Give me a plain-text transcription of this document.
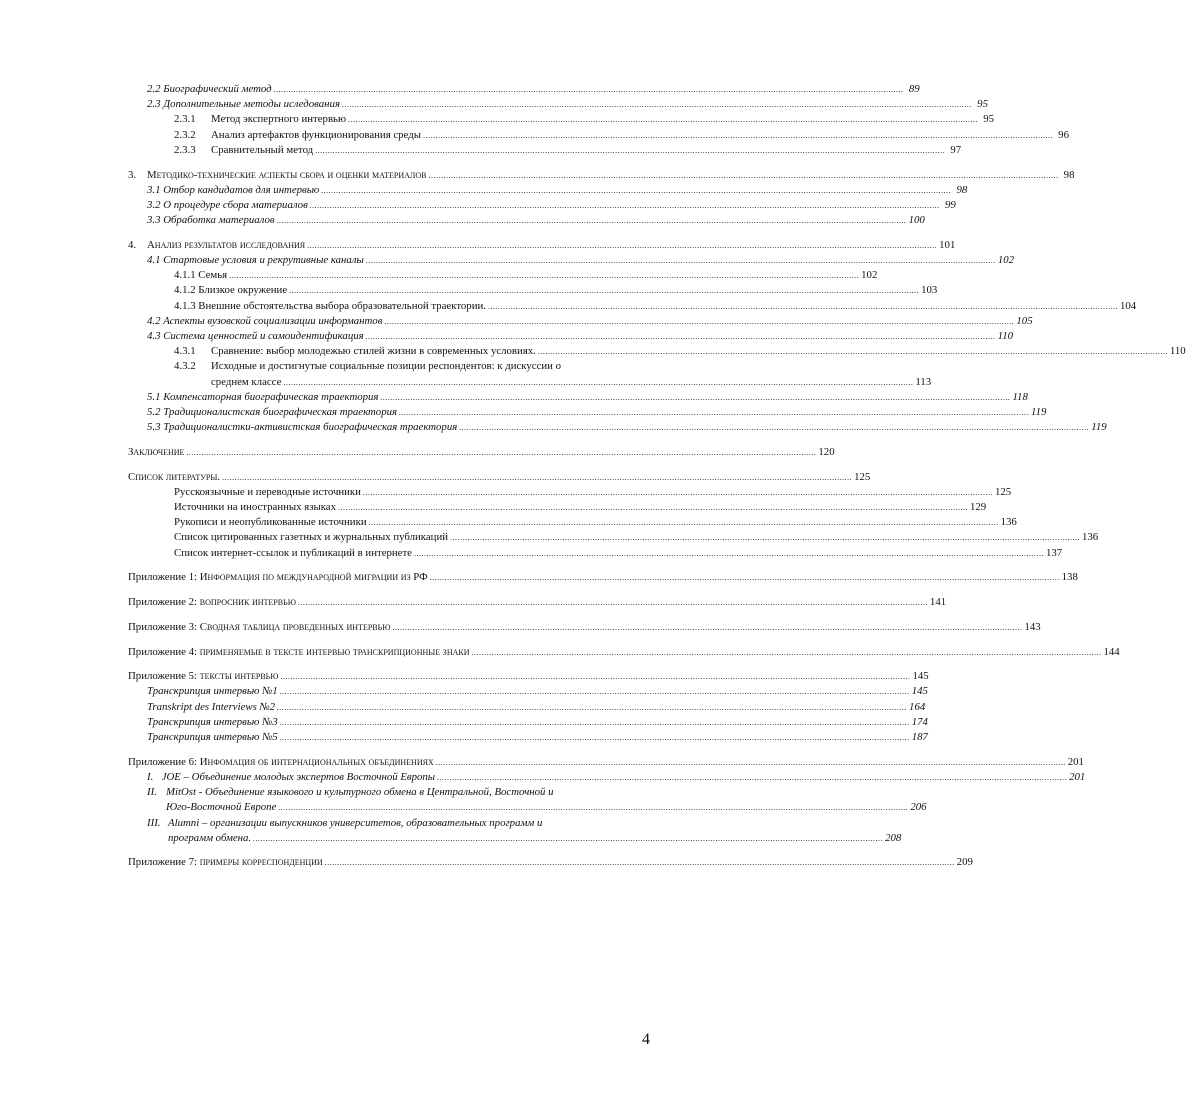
2.2 Биографический метод .....	89
2.3 Дополнительные методы иследования .....	95
2.3.1 Метод экспертного интервью .....	95
2.3.2 Анализ артефактов функционирования среды .....	96
2.3.3 Сравнительный метод .....	97
3. Методико-технические аспекты сбора и оценки материалов .....	98
3.1 Отбор кандидатов для интервью .....	98
3.2 О процедуре сбора материалов .....	99
3.3 Обработка материалов .....	100
4. Анализ результатов исследования .....	101
4.1 Стартовые условия и рекрутивные каналы .....	102
4.1.1 Семья .....	102
4.1.2 Близкое окружение .....	103
4.1.3 Внешние обстоятельства выбора образовательной траектории. .....	104
4.2 Аспекты вузовской социализации информантов .....	105
4.3 Система ценностей и самоидентификация .....	110
4.3.1 Сравнение: выбор молодежью стилей жизни в современных условиях. .....	110
4.3.2	Исходные и достигнутые социальные позиции респондентов: к дискуссии о
среднем классе .....	113
5.1 Компенсаторная биографическая траектория .....	118
5.2 Традиционалистская биографическая траектория .....	119
5.3 Традиционалистки-активистская биографическая траектория .....	119
Заключение .....	120
Список литературы. .....	125
Русскоязычные и переводные источники .....	125
Источники на иностранных языках .....	129
Рукописи и неопубликованные источники .....	136
Список цитированных газетных и журнальных публикаций .....	136
Список интернет-ссылок и публикаций в интернете .....	137
Приложение 1: Информация по международной миграции из РФ .....	138
Приложение 2: вопросник интервью .....	141
Приложение 3: Сводная таблица проведенных интервью .....	143
Приложение 4: применяемые в тексте интервью транскрипционные знаки .....	144
Приложение 5: тексты интервью .....	145
Транскрипция интервью №1 .....	145
Transkript des Interviews №2 .....	164
Транскрипция интервью №3 .....	174
Транскрипция интервью №5 .....	187
Приложение 6: Инфомация об интернациональных объединениях .....	201
I. JOE – Объединение молодых экспертов Восточной Европы .....	201
II. MitOst - Объединение языкового и культурного обмена в Центральной, Восточной и
Юго-Восточной Европе .....	206
III. Alumni – организации выпускников университетов, образовательных программ и
программ обмена. .....	208
Приложение 7: примеры корреспонденции .....	209
4
